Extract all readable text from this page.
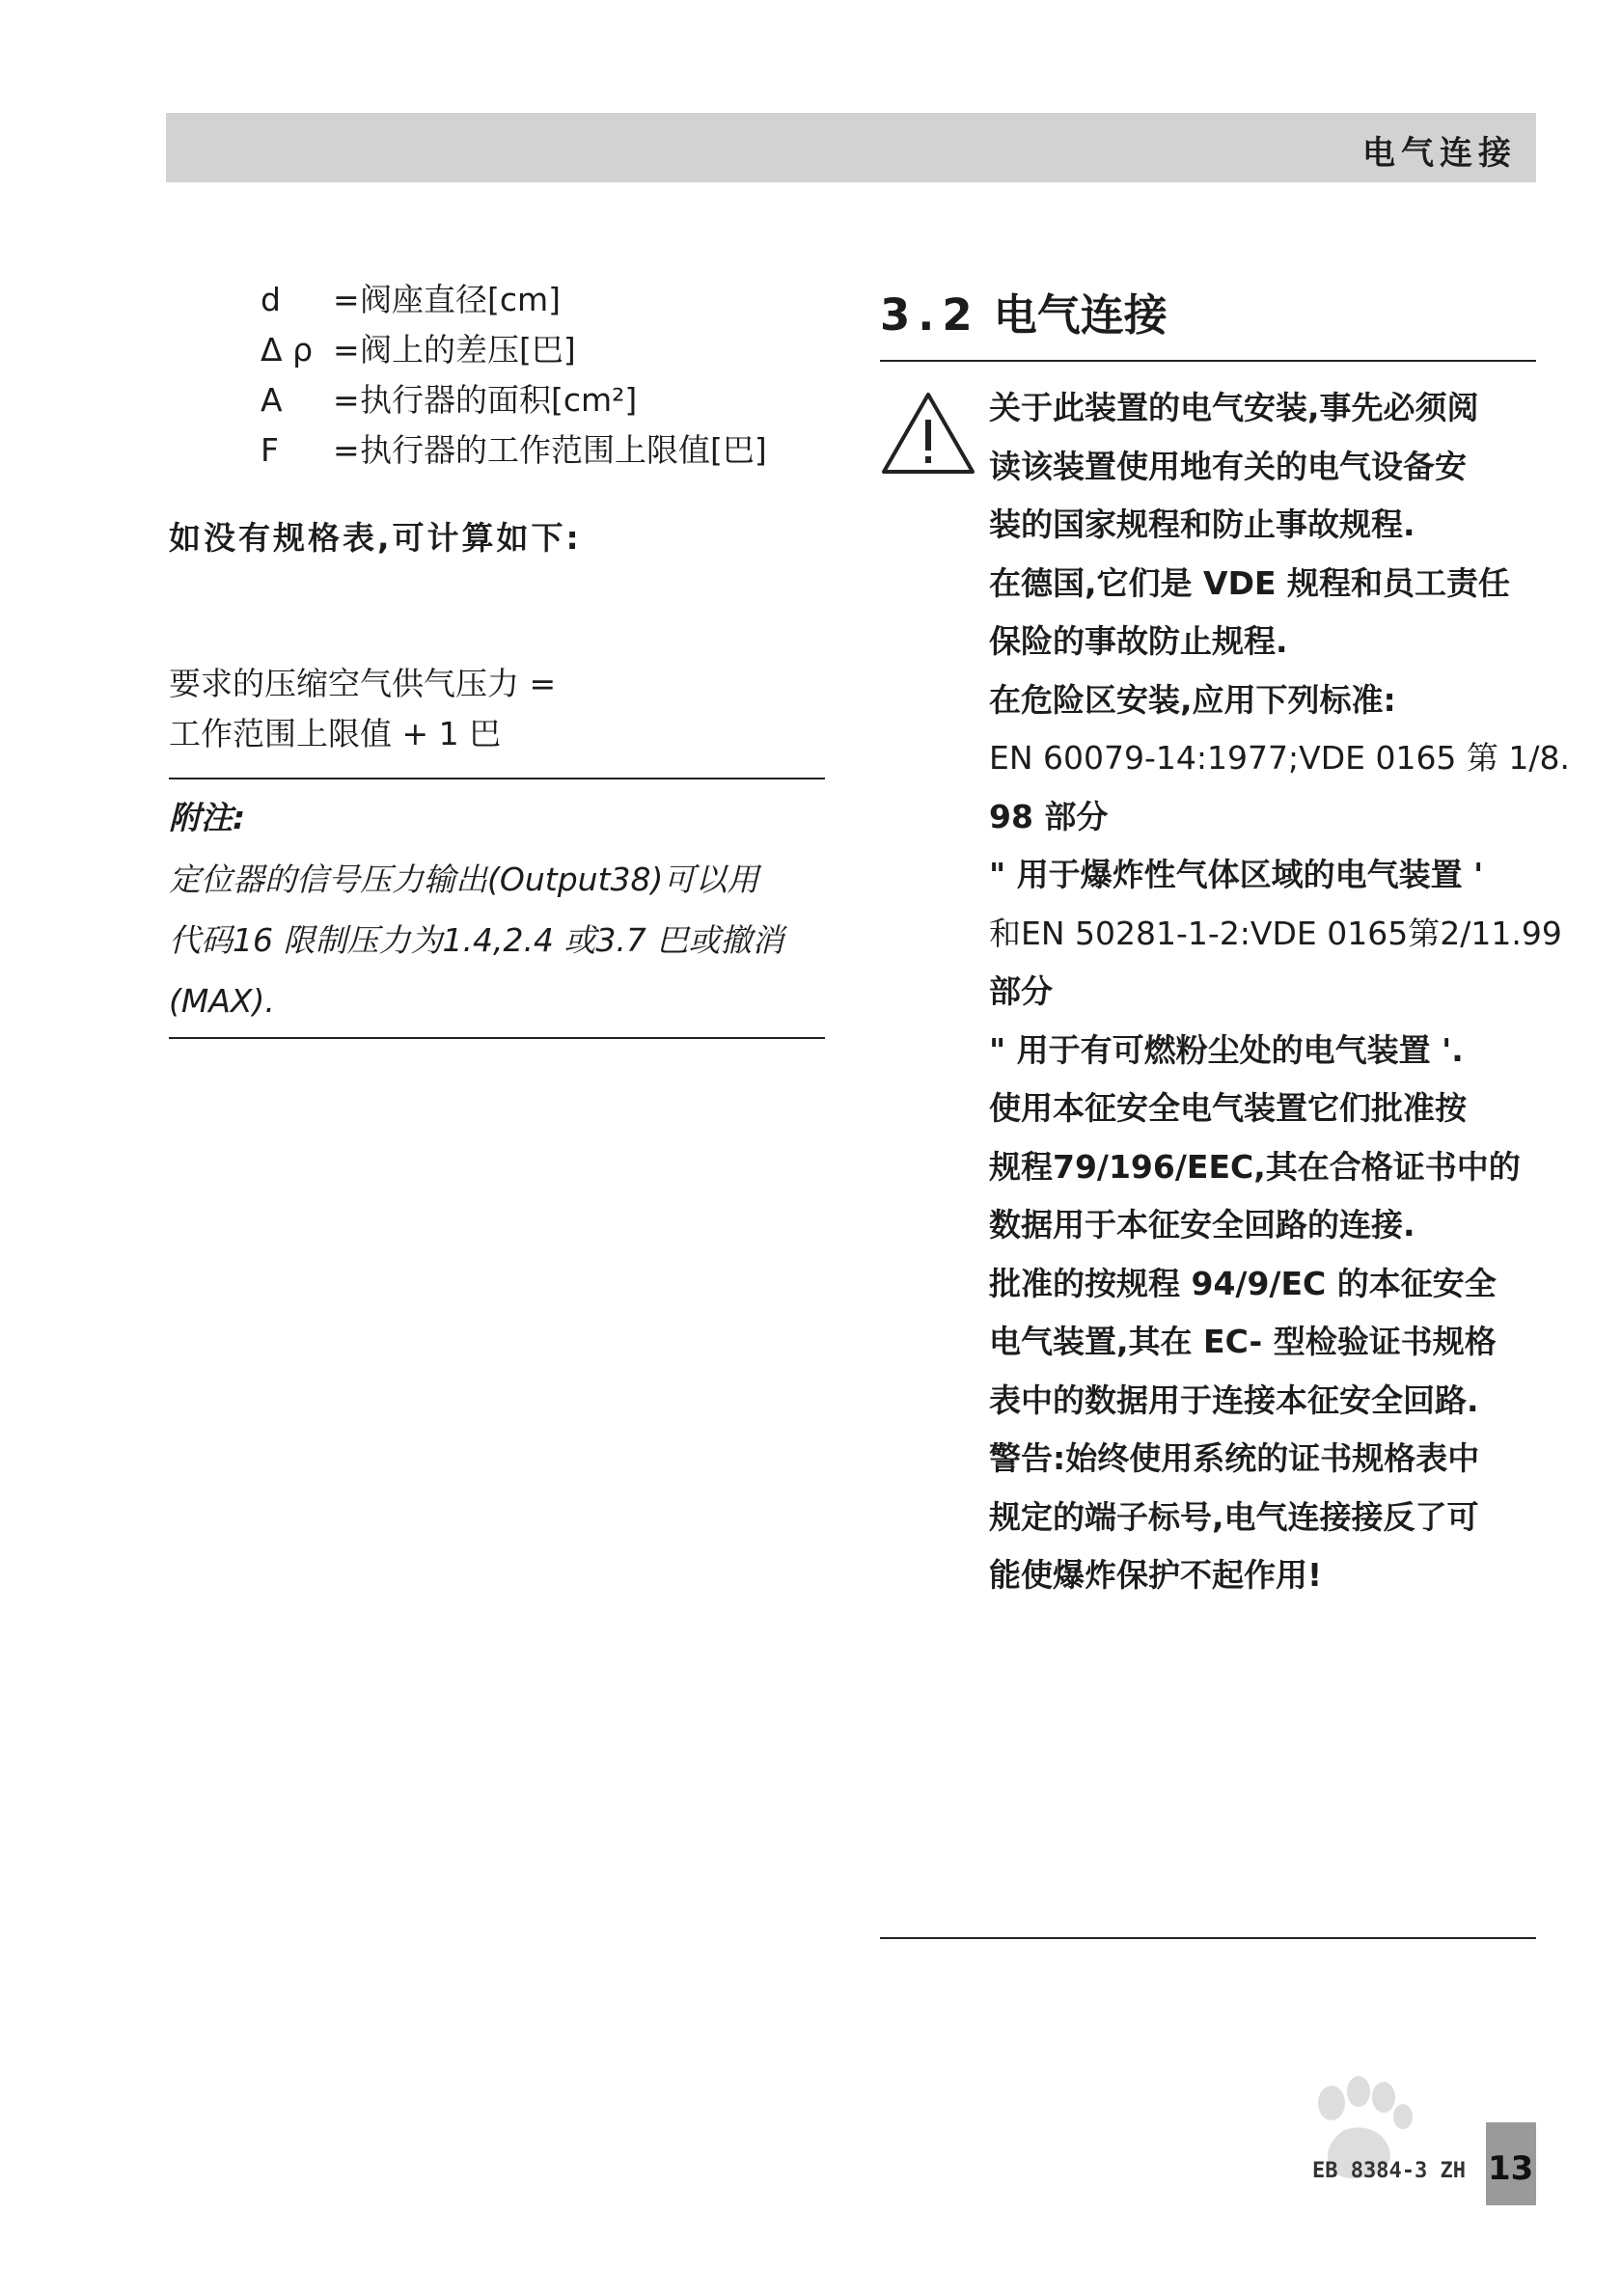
电气连接
d	= 阀座直径[cm]
Δ ρ = 阀上的差压[巴]
A	= 执行器的面积[cm²]
F	= 执行器的工作范围上限值[巴]
如没有规格表,可计算如下:
要求的压缩空气供气压力 =
工作范围上限值 + 1 巴
附注:
定位器的信号压力输出(Output38)可以用
代码16 限制压力为1.4,2.4 或3.7 巴或撤消
(MAX).
3.2 电气连接
关于此装置的电气安装,事先必须阅
读该装置使用地有关的电气设备安
装的国家规程和防止事故规程.
在德国,它们是 VDE 规程和员工责任
保险的事故防止规程.
在危险区安装,应用下列标准:
EN 60079-14:1977;VDE 0165 第 1/8.
98 部分
" 用于爆炸性气体区域的电气装置 '
和EN 50281-1-2:VDE 0165第2/11.99
部分
" 用于有可燃粉尘处的电气装置 '.
使用本征安全电气装置它们批准按
规程79/196/EEC,其在合格证书中的
数据用于本征安全回路的连接.
批准的按规程 94/9/EC 的本征安全
电气装置,其在 EC- 型检验证书规格
表中的数据用于连接本征安全回路.
警告:始终使用系统的证书规格表中
规定的端子标号,电气连接接反了可
能使爆炸保护不起作用!
EB 8384-3 ZH 13
